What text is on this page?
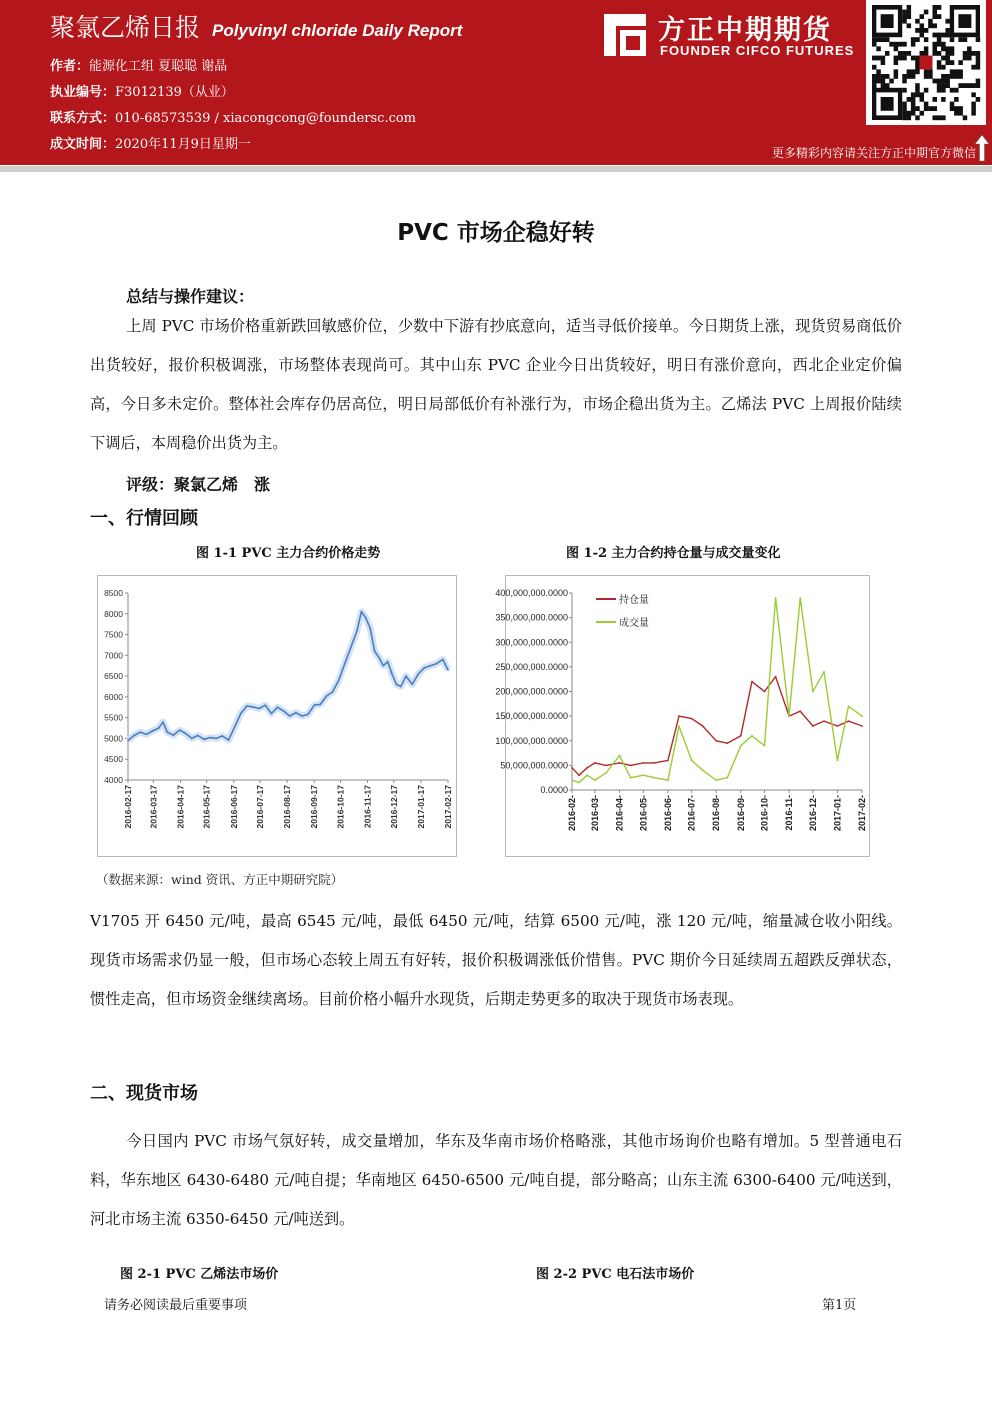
聚氯乙烯日报 Polyvinyl chloride Daily Report
作者：能源化工组 夏聪聪 谢晶
执业编号：F3012139（从业）
联系方式：010-68573539 / xiacongcong@foundersc.com
成文时间：2020年11月9日星期一
方正中期期货
FOUNDER CIFCO FUTURES
更多精彩内容请关注方正中期官方微信
PVC 市场企稳好转
总结与操作建议：
上周 PVC 市场价格重新跌回敏感价位，少数中下游有抄底意向，适当寻低价接单。今日期货上涨，现货贸易商低价出货较好，报价积极调涨，市场整体表现尚可。其中山东 PVC 企业今日出货较好，明日有涨价意向，西北企业定价偏高，今日多未定价。整体社会库存仍居高位，明日局部低价有补涨行为，市场企稳出货为主。乙烯法 PVC 上周报价陆续下调后，本周稳价出货为主。
评级：聚氯乙烯　涨
一、行情回顾
图 1-1 PVC 主力合约价格走势	图 1-2 主力合约持仓量与成交量变化
4000
4500
5000
5500
6000
6500
7000
7500
8000
8500
2016-02-17 2016-03-17 2016-04-17 2016-05-17 2016-06-17 2016-07-17 2016-08-17 2016-09-17 2016-10-17 2016-11-17 2016-12-17 2017-01-17 2017-02-17	0.0000
50,000,000.0000
100,000,000.0000
150,000,000.0000
200,000,000.0000
250,000,000.0000
300,000,000.0000
350,000,000.0000
400,000,000.0000
2016-02- 2016-03- 2016-04- 2016-05- 2016-06- 2016-07- 2016-08- 2016-09- 2016-10- 2016-11- 2016-12- 2017-01- 2017-02-
持仓量
成交量
（数据来源：wind 资讯、方正中期研究院）
V1705 开 6450 元/吨，最高 6545 元/吨，最低 6450 元/吨，结算 6500 元/吨，涨 120 元/吨，缩量减仓收小阳线。现货市场需求仍显一般，但市场心态较上周五有好转，报价积极调涨低价惜售。PVC 期价今日延续周五超跌反弹状态，惯性走高，但市场资金继续离场。目前价格小幅升水现货，后期走势更多的取决于现货市场表现。
二、现货市场
今日国内 PVC 市场气氛好转，成交量增加，华东及华南市场价格略涨，其他市场询价也略有增加。5 型普通电石料，华东地区 6430-6480 元/吨自提；华南地区 6450-6500 元/吨自提，部分略高；山东主流 6300-6400 元/吨送到，河北市场主流 6350-6450 元/吨送到。
图 2-1 PVC 乙烯法市场价	图 2-2 PVC 电石法市场价
请务必阅读最后重要事项	第1页
